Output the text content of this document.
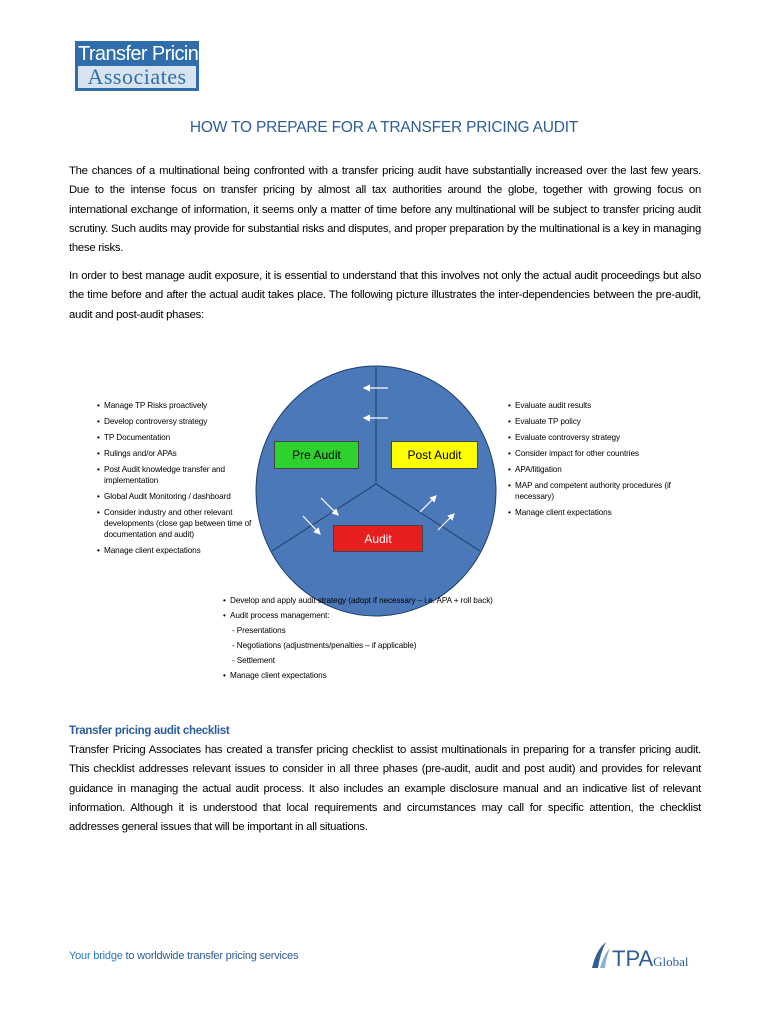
Transfer Pricing
Associates
HOW TO PREPARE FOR A TRANSFER PRICING AUDIT

The chances of a multinational being confronted with a transfer pricing audit have substantially increased over the last few years. Due to the intense focus on transfer pricing by almost all tax authorities around the globe, together with growing focus on international exchange of information, it seems only a matter of time before any multinational will be subject to transfer pricing audit scrutiny. Such audits may provide for substantial risks and disputes, and proper preparation by the multinational is a key in managing these risks.

In order to best manage audit exposure, it is essential to understand that this involves not only the actual audit proceedings but also the time before and after the actual audit takes place. The following picture illustrates the inter-dependencies between the pre-audit, audit and post-audit phases:

Pre Audit	Post Audit
Audit
• Manage TP Risks proactively
• Develop controversy strategy
• TP Documentation
• Rulings and/or APAs
• Post Audit knowledge transfer and implementation
• Global Audit Monitoring / dashboard
• Consider industry and other relevant developments (close gap between time of documentation and audit)
• Manage client expectations
• Evaluate audit results
• Evaluate TP policy
• Evaluate controversy strategy
• Consider impact for other countries
• APA/litigation
• MAP and competent authority procedures (if necessary)
• Manage client expectations
• Develop and apply audit strategy (adopt if necessary – i.e. APA + roll back)
• Audit process management:
- Presentations
- Negotiations (adjustments/penalties – if applicable)
- Settlement
• Manage client expectations
Transfer pricing audit checklist

Transfer Pricing Associates has created a transfer pricing checklist to assist multinationals in preparing for a transfer pricing audit. This checklist addresses relevant issues to consider in all three phases (pre-audit, audit and post audit) and provides for relevant guidance in managing the actual audit process. It also includes an example disclosure manual and an indicative list of relevant information. Although it is understood that local requirements and circumstances may call for specific attention, the checklist addresses general issues that will be important in all situations.

Your bridge to worldwide transfer pricing services	TPAGlobal
